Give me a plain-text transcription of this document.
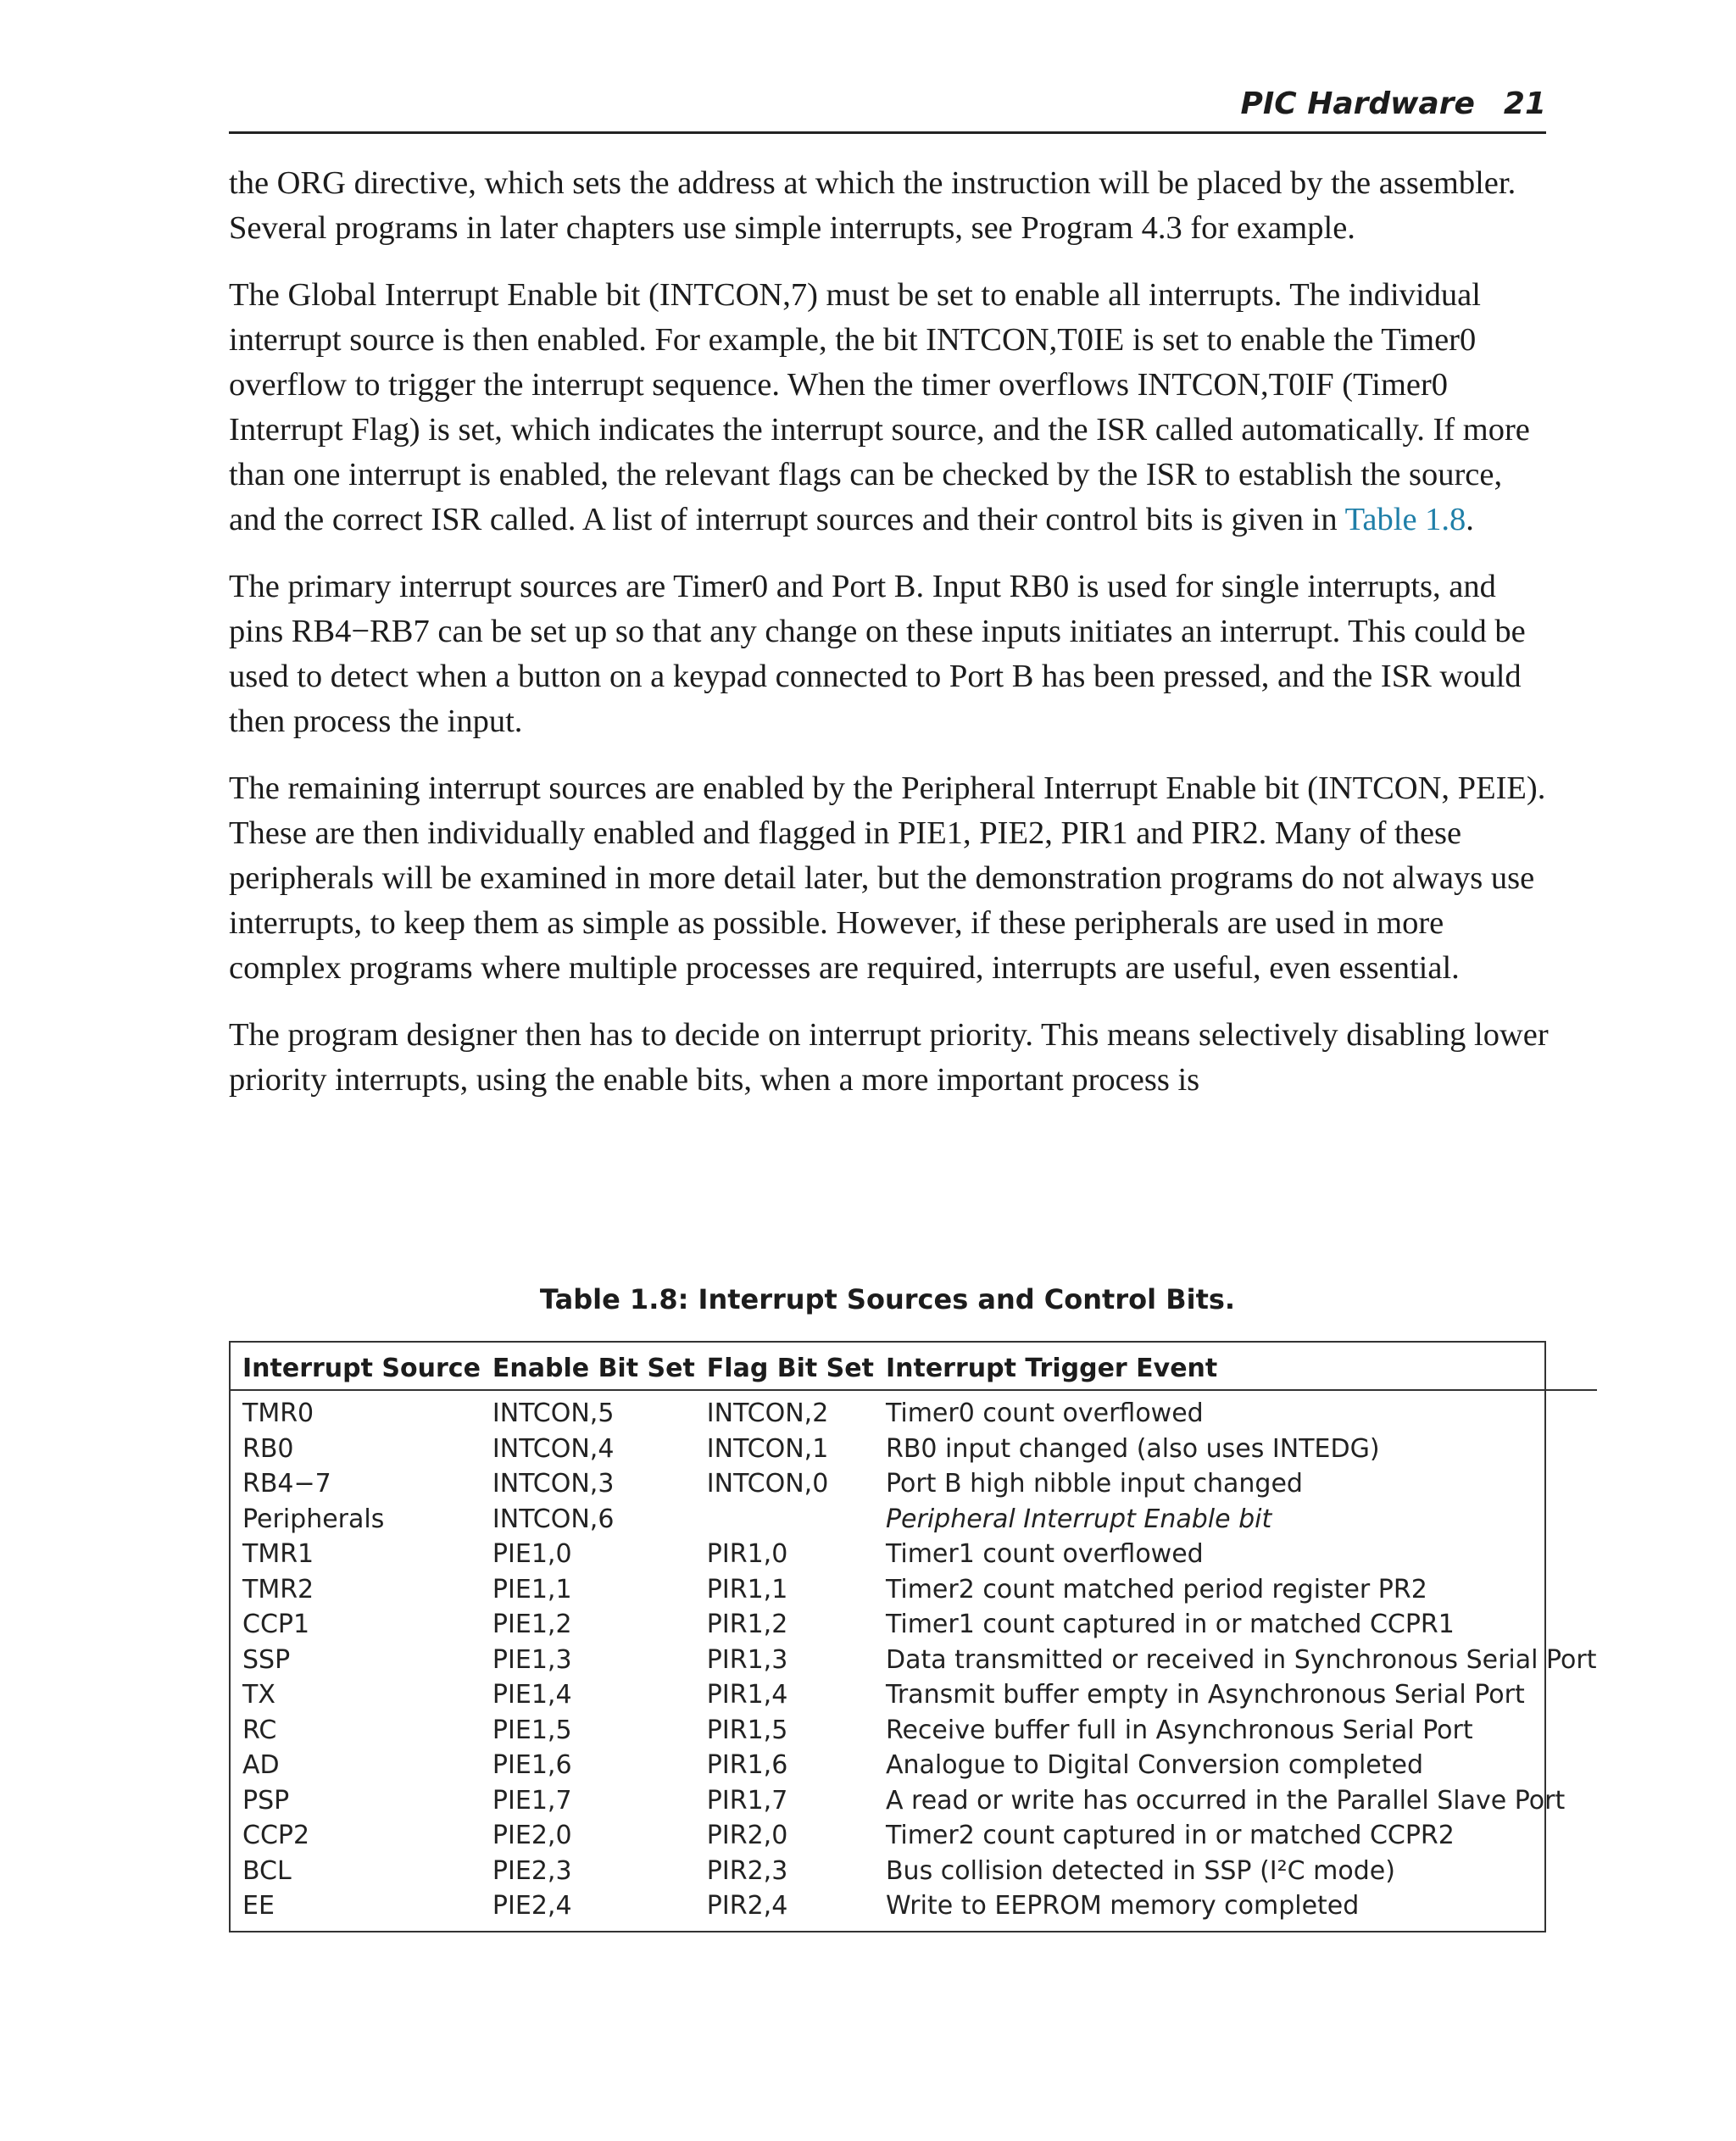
PIC Hardware 21

the ORG directive, which sets the address at which the instruction will be placed by the assembler. Several programs in later chapters use simple interrupts, see Program 4.3 for example.

The Global Interrupt Enable bit (INTCON,7) must be set to enable all interrupts. The individual interrupt source is then enabled. For example, the bit INTCON,T0IE is set to enable the Timer0 overflow to trigger the interrupt sequence. When the timer overflows INTCON,T0IF (Timer0 Interrupt Flag) is set, which indicates the interrupt source, and the ISR called automatically. If more than one interrupt is enabled, the relevant flags can be checked by the ISR to establish the source, and the correct ISR called. A list of interrupt sources and their control bits is given in Table 1.8.

The primary interrupt sources are Timer0 and Port B. Input RB0 is used for single interrupts, and pins RB4−RB7 can be set up so that any change on these inputs initiates an interrupt. This could be used to detect when a button on a keypad connected to Port B has been pressed, and the ISR would then process the input.

The remaining interrupt sources are enabled by the Peripheral Interrupt Enable bit (INTCON, PEIE). These are then individually enabled and flagged in PIE1, PIE2, PIR1 and PIR2. Many of these peripherals will be examined in more detail later, but the demonstration programs do not always use interrupts, to keep them as simple as possible. However, if these peripherals are used in more complex programs where multiple processes are required, interrupts are useful, even essential.

The program designer then has to decide on interrupt priority. This means selectively disabling lower priority interrupts, using the enable bits, when a more important process is

Table 1.8: Interrupt Sources and Control Bits.
Interrupt Source	Enable Bit Set	Flag Bit Set	Interrupt Trigger Event
TMR0	INTCON,5	INTCON,2	Timer0 count overflowed
RB0	INTCON,4	INTCON,1	RB0 input changed (also uses INTEDG)
RB4−7	INTCON,3	INTCON,0	Port B high nibble input changed
Peripherals	INTCON,6		Peripheral Interrupt Enable bit
TMR1	PIE1,0	PIR1,0	Timer1 count overflowed
TMR2	PIE1,1	PIR1,1	Timer2 count matched period register PR2
CCP1	PIE1,2	PIR1,2	Timer1 count captured in or matched CCPR1
SSP	PIE1,3	PIR1,3	Data transmitted or received in Synchronous Serial Port
TX	PIE1,4	PIR1,4	Transmit buffer empty in Asynchronous Serial Port
RC	PIE1,5	PIR1,5	Receive buffer full in Asynchronous Serial Port
AD	PIE1,6	PIR1,6	Analogue to Digital Conversion completed
PSP	PIE1,7	PIR1,7	A read or write has occurred in the Parallel Slave Port
CCP2	PIE2,0	PIR2,0	Timer2 count captured in or matched CCPR2
BCL	PIE2,3	PIR2,3	Bus collision detected in SSP (I²C mode)
EE	PIE2,4	PIR2,4	Write to EEPROM memory completed
